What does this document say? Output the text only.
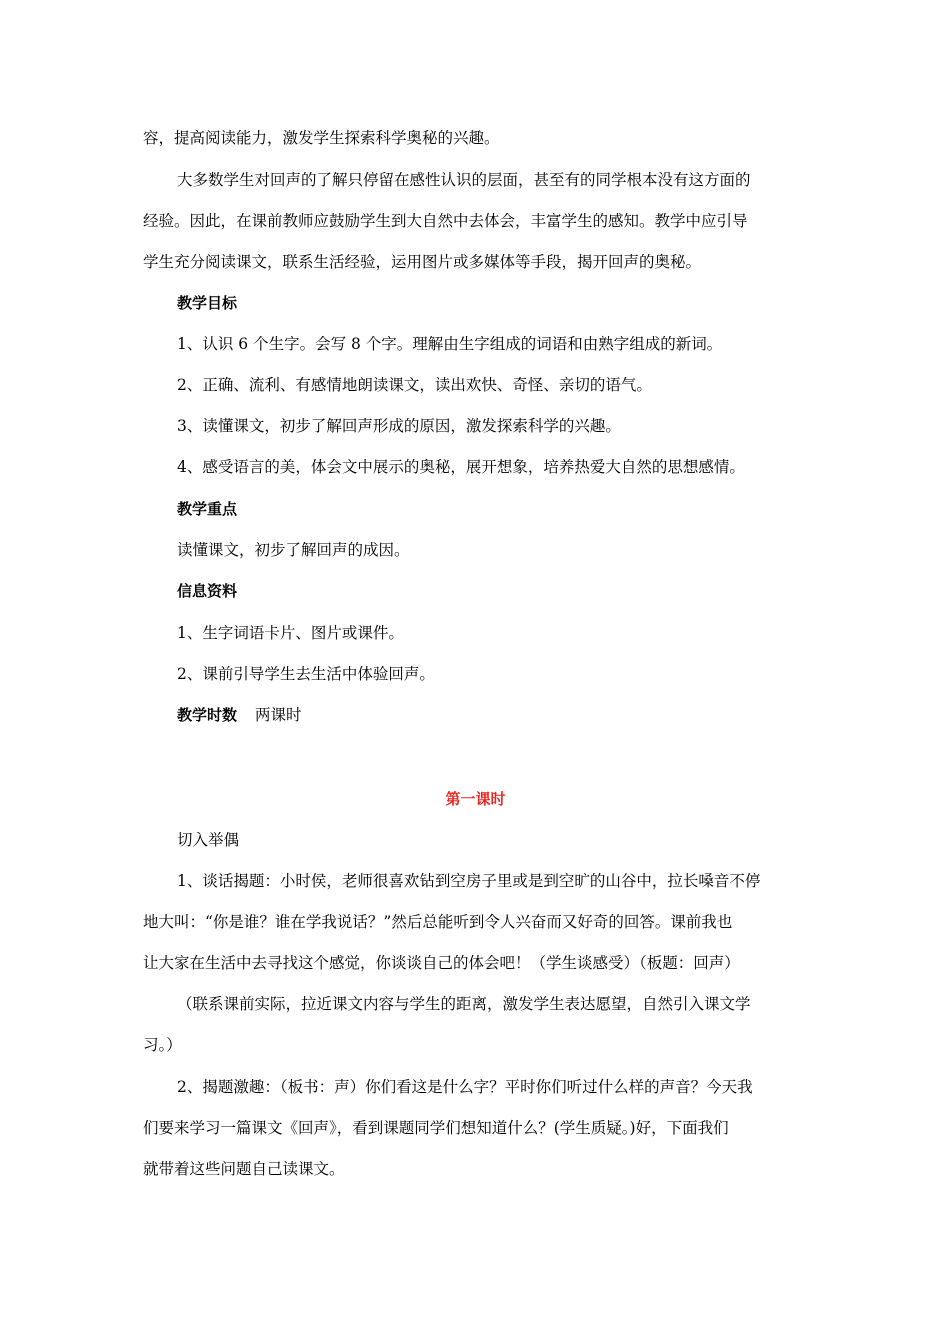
容，提高阅读能力，激发学生探索科学奥秘的兴趣。
大多数学生对回声的了解只停留在感性认识的层面，甚至有的同学根本没有这方面的
经验。因此，在课前教师应鼓励学生到大自然中去体会，丰富学生的感知。教学中应引导
学生充分阅读课文，联系生活经验，运用图片或多媒体等手段，揭开回声的奥秘。
教学目标
1、认识 6 个生字。会写 8 个字。理解由生字组成的词语和由熟字组成的新词。
2、正确、流利、有感情地朗读课文，读出欢快、奇怪、亲切的语气。
3、读懂课文，初步了解回声形成的原因，激发探索科学的兴趣。
4、感受语言的美，体会文中展示的奥秘，展开想象，培养热爱大自然的思想感情。
教学重点
读懂课文，初步了解回声的成因。
信息资料
1、生字词语卡片、图片或课件。
2、课前引导学生去生活中体验回声。
教学时数 两课时
第一课时
切入举偶
1、谈话揭题：小时侯，老师很喜欢钻到空房子里或是到空旷的山谷中，拉长嗓音不停
地大叫：“你是谁？谁在学我说话？”然后总能听到令人兴奋而又好奇的回答。课前我也
让大家在生活中去寻找这个感觉，你谈谈自己的体会吧！（学生谈感受）（板题：回声）
（联系课前实际，拉近课文内容与学生的距离，激发学生表达愿望，自然引入课文学
习。）
2、揭题激趣：（板书：声）你们看这是什么字？平时你们听过什么样的声音？今天我
们要来学习一篇课文《回声》，看到课题同学们想知道什么？(学生质疑。)好，下面我们
就带着这些问题自己读课文。
